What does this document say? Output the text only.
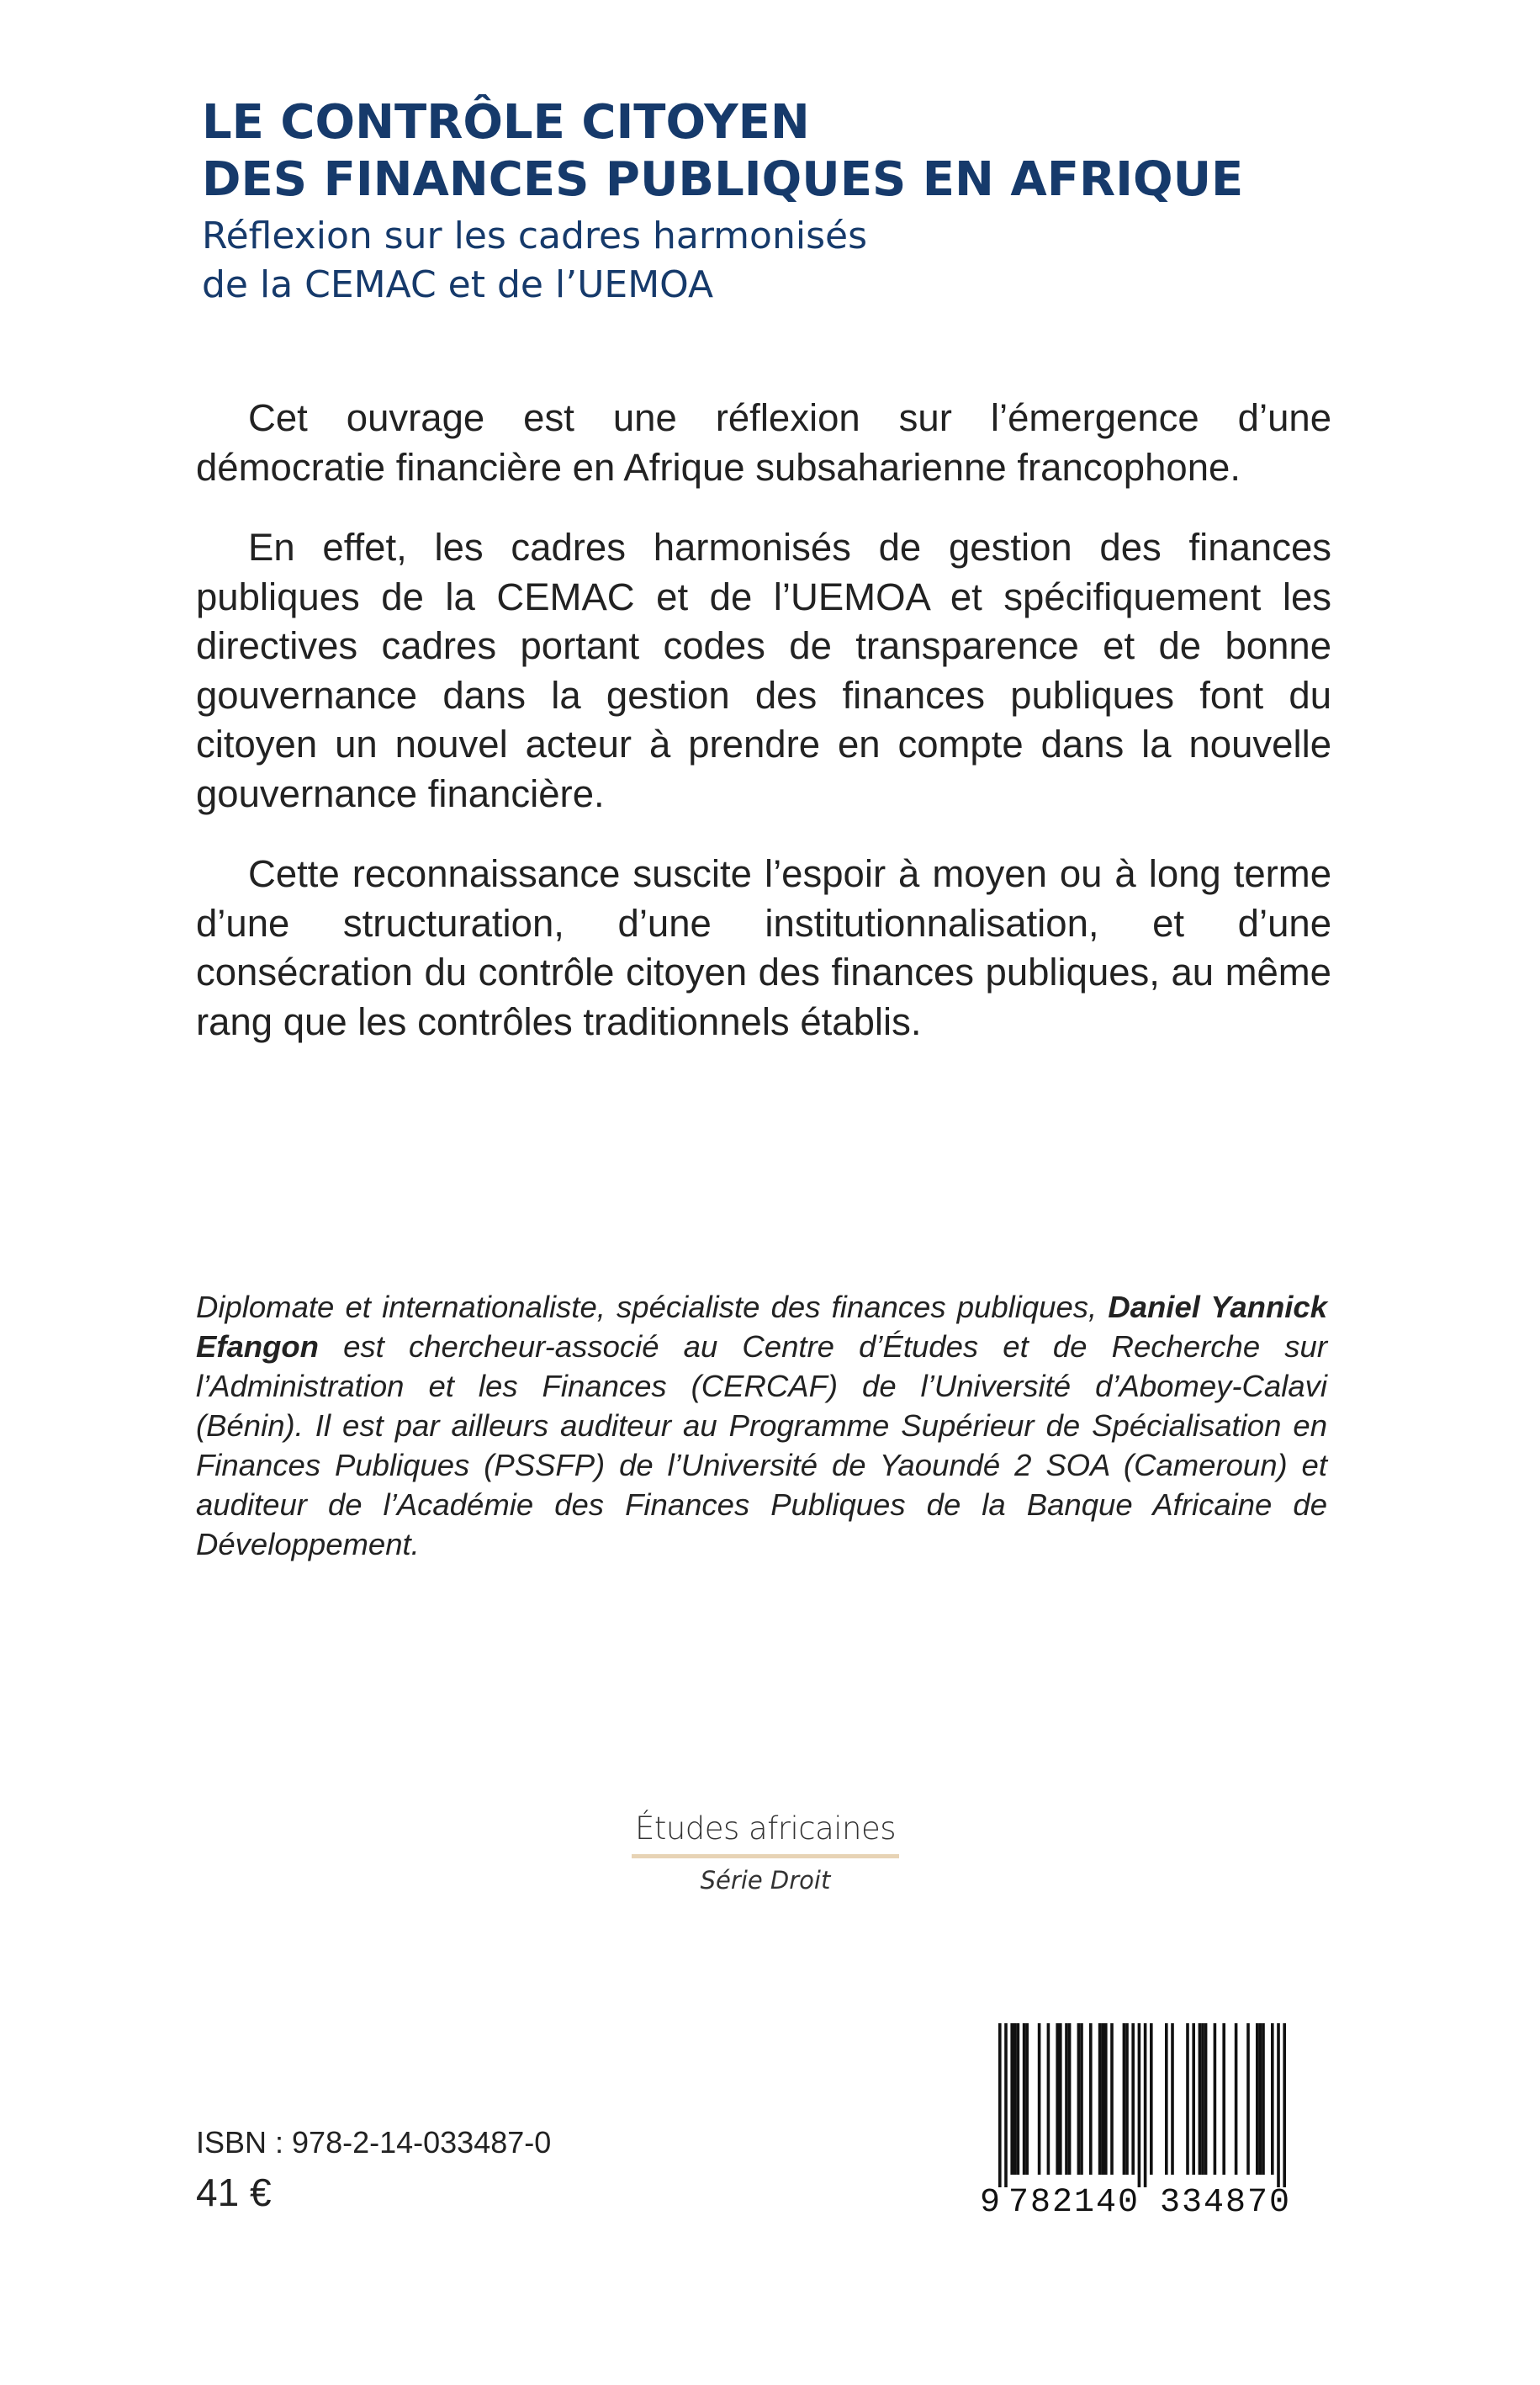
LE CONTRÔLE CITOYEN
DES FINANCES PUBLIQUES EN AFRIQUE
Réflexion sur les cadres harmonisés
de la CEMAC et de l’UEMOA

Cet ouvrage est une réflexion sur l’émergence d’une démocratie financière en Afrique subsaharienne francophone.

En effet, les cadres harmonisés de gestion des finances publiques de la CEMAC et de l’UEMOA et spécifiquement les directives cadres portant codes de transparence et de bonne gouvernance dans la gestion des finances publiques font du citoyen un nouvel acteur à prendre en compte dans la nouvelle gouvernance financière.

Cette reconnaissance suscite l’espoir à moyen ou à long terme d’une structuration, d’une institutionnalisation, et d’une consécration du contrôle citoyen des finances publiques, au même rang que les contrôles traditionnels établis.

Diplomate et internationaliste, spécialiste des finances publiques, Daniel Yannick Efangon est chercheur-associé au Centre d’Études et de Recherche sur l’Administration et les Finances (CERCAF) de l’Université d’Abomey-Calavi (Bénin). Il est par ailleurs auditeur au Programme Supérieur de Spécialisation en Finances Publiques (PSSFP) de l’Université de Yaoundé 2 SOA (Cameroun) et auditeur de l’Académie des Finances Publiques de la Banque Africaine de Développement.
Études africaines
Série Droit
ISBN : 978-2-14-033487-0
41 €	9 782140 334870
